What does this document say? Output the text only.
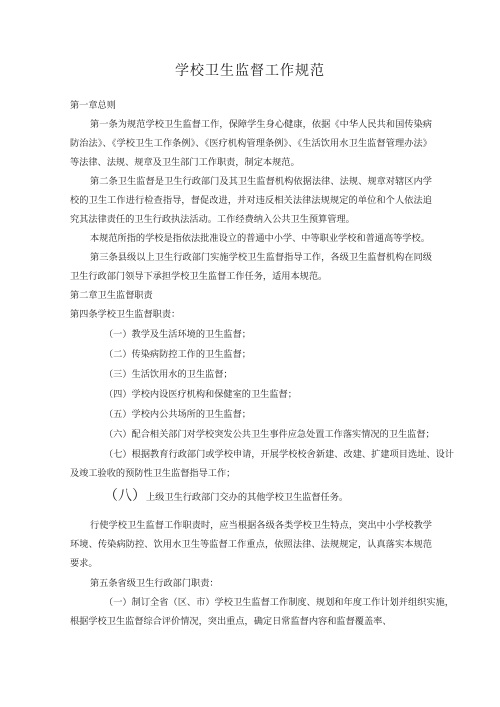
学校卫生监督工作规范
第一章总则
第一条为规范学校卫生监督工作，保障学生身心健康，依据《中华人民共和国传染病防治法》、《学校卫生工作条例》、《医疗机构管理条例》、《生活饮用水卫生监督管理办法》等法律、法规、规章及卫生部门工作职责，制定本规范。
第二条卫生监督是卫生行政部门及其卫生监督机构依据法律、法规、规章对辖区内学校的卫生工作进行检查指导，督促改进，并对违反相关法律法规规定的单位和个人依法追究其法律责任的卫生行政执法活动。工作经费纳入公共卫生预算管理。
本规范所指的学校是指依法批准设立的普通中小学、中等职业学校和普通高等学校。
第三条县级以上卫生行政部门实施学校卫生监督指导工作，各级卫生监督机构在同级卫生行政部门领导下承担学校卫生监督工作任务，适用本规范。
第二章卫生监督职责
第四条学校卫生监督职责：
（一）教学及生活环境的卫生监督；
（二）传染病防控工作的卫生监督；
（三）生活饮用水的卫生监督；
（四）学校内设医疗机构和保健室的卫生监督；
（五）学校内公共场所的卫生监督；
（六）配合相关部门对学校突发公共卫生事件应急处置工作落实情况的卫生监督；
（七）根据教育行政部门或学校申请，开展学校校舍新建、改建、扩建项目选址、设计及竣工验收的预防性卫生监督指导工作；
（八）上级卫生行政部门交办的其他学校卫生监督任务。
行使学校卫生监督工作职责时，应当根据各级各类学校卫生特点，突出中小学校教学环境、传染病防控、饮用水卫生等监督工作重点，依照法律、法规规定，认真落实本规范要求。
第五条省级卫生行政部门职责：
（一）制订全省（区、市）学校卫生监督工作制度、规划和年度工作计划并组织实施，根据学校卫生监督综合评价情况，突出重点，确定日常监督内容和监督覆盖率、
